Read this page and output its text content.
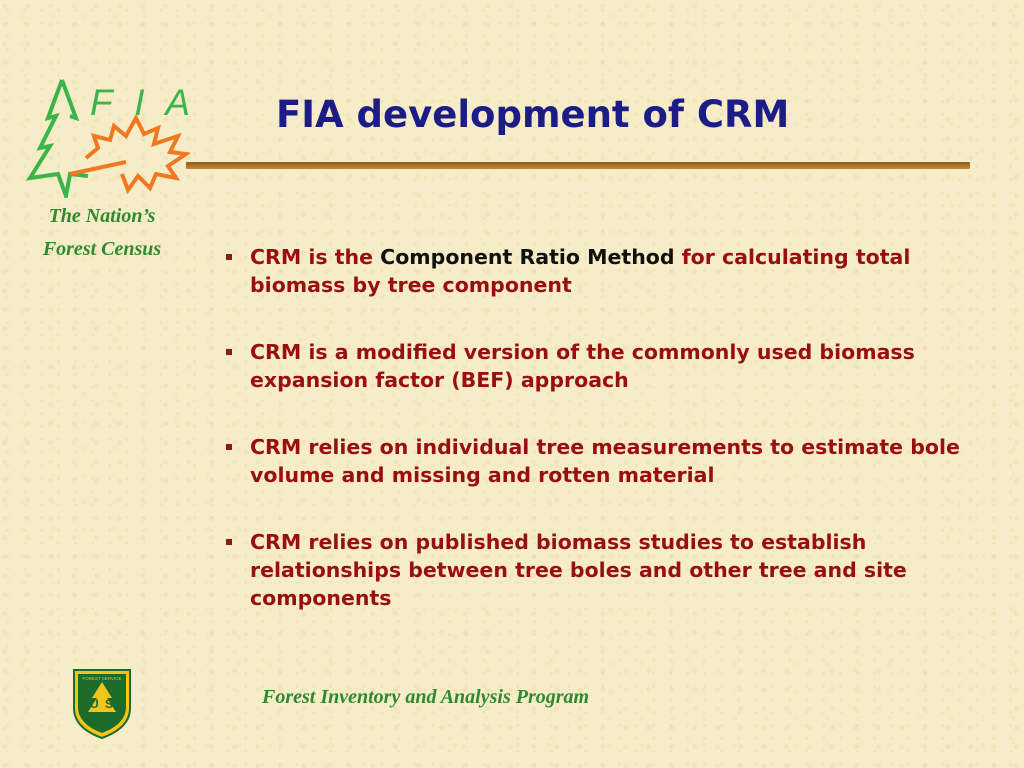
F I A
The Nation’s
Forest Census
FIA development of CRM
CRM is the Component Ratio Method for calculating total biomass by tree component
CRM is a modified version of the commonly used biomass expansion factor (BEF) approach
CRM relies on individual tree measurements to estimate bole volume and missing and rotten material
CRM relies on published biomass studies to establish relationships between tree boles and other tree and site components
U S
FOREST SERVICE
Forest Inventory and Analysis Program
